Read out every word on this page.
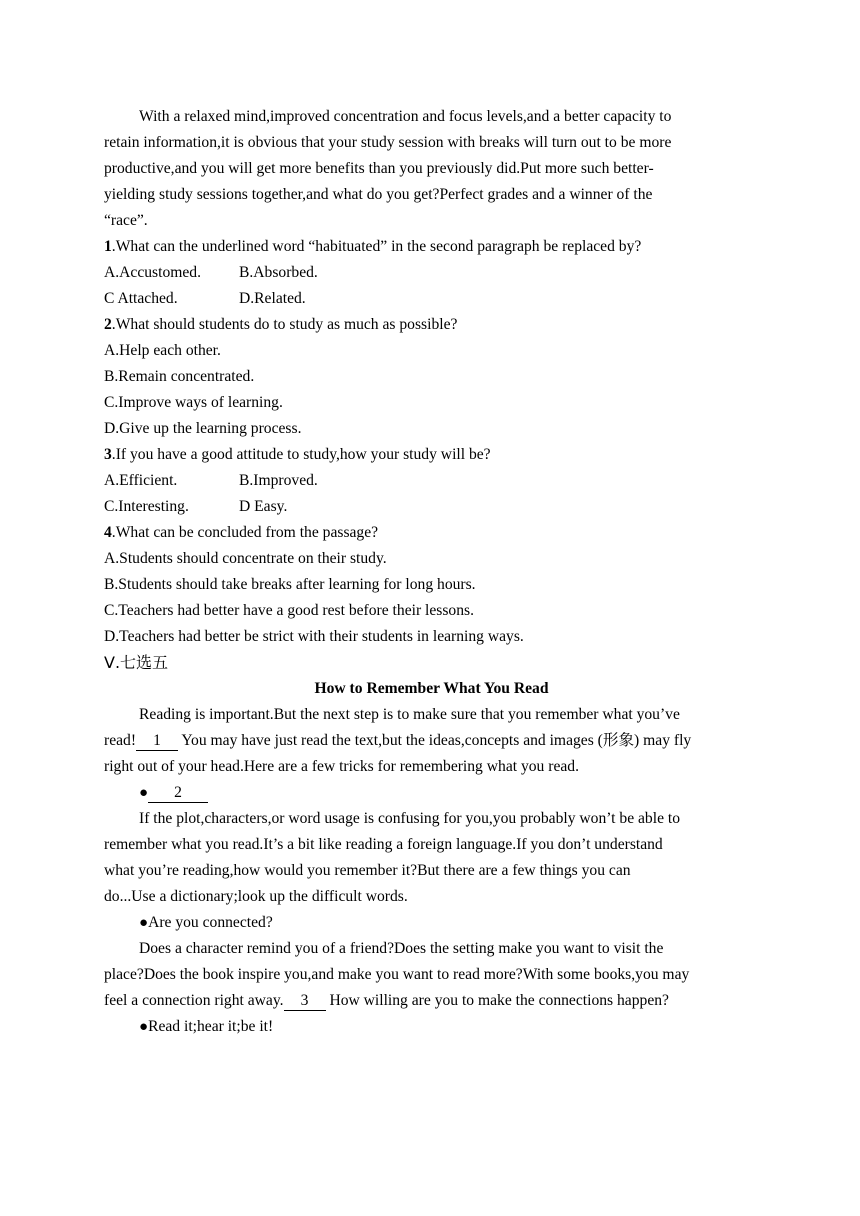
With a relaxed mind,improved concentration and focus levels,and a better capacity to
retain information,it is obvious that your study session with breaks will turn out to be more
productive,and you will get more benefits than you previously did.Put more such better-
yielding study sessions together,and what do you get?Perfect grades and a winner of the
“race”.
1.What can the underlined word “habituated” in the second paragraph be replaced by?
A.Accustomed. B.Absorbed.
C Attached.	D.Related.
2.What should students do to study as much as possible?
A.Help each other.
B.Remain concentrated.
C.Improve ways of learning.
D.Give up the learning process.
3.If you have a good attitude to study,how your study will be?
A.Efficient.	B.Improved.
C.Interesting.	D Easy.
4.What can be concluded from the passage?
A.Students should concentrate on their study.
B.Students should take breaks after learning for long hours.
C.Teachers had better have a good rest before their lessons.
D.Teachers had better be strict with their students in learning ways.
Ⅴ.七选五
How to Remember What You Read
Reading is important.But the next step is to make sure that you remember what you’ve
read! 1 You may have just read the text,but the ideas,concepts and images (形象) may fly
right out of your head.Here are a few tricks for remembering what you read.
● 2
If the plot,characters,or word usage is confusing for you,you probably won’t be able to
remember what you read.It’s a bit like reading a foreign language.If you don’t understand
what you’re reading,how would you remember it?But there are a few things you can
do...Use a dictionary;look up the difficult words.
●Are you connected?
Does a character remind you of a friend?Does the setting make you want to visit the
place?Does the book inspire you,and make you want to read more?With some books,you may
feel a connection right away. 3 How willing are you to make the connections happen?
●Read it;hear it;be it!
